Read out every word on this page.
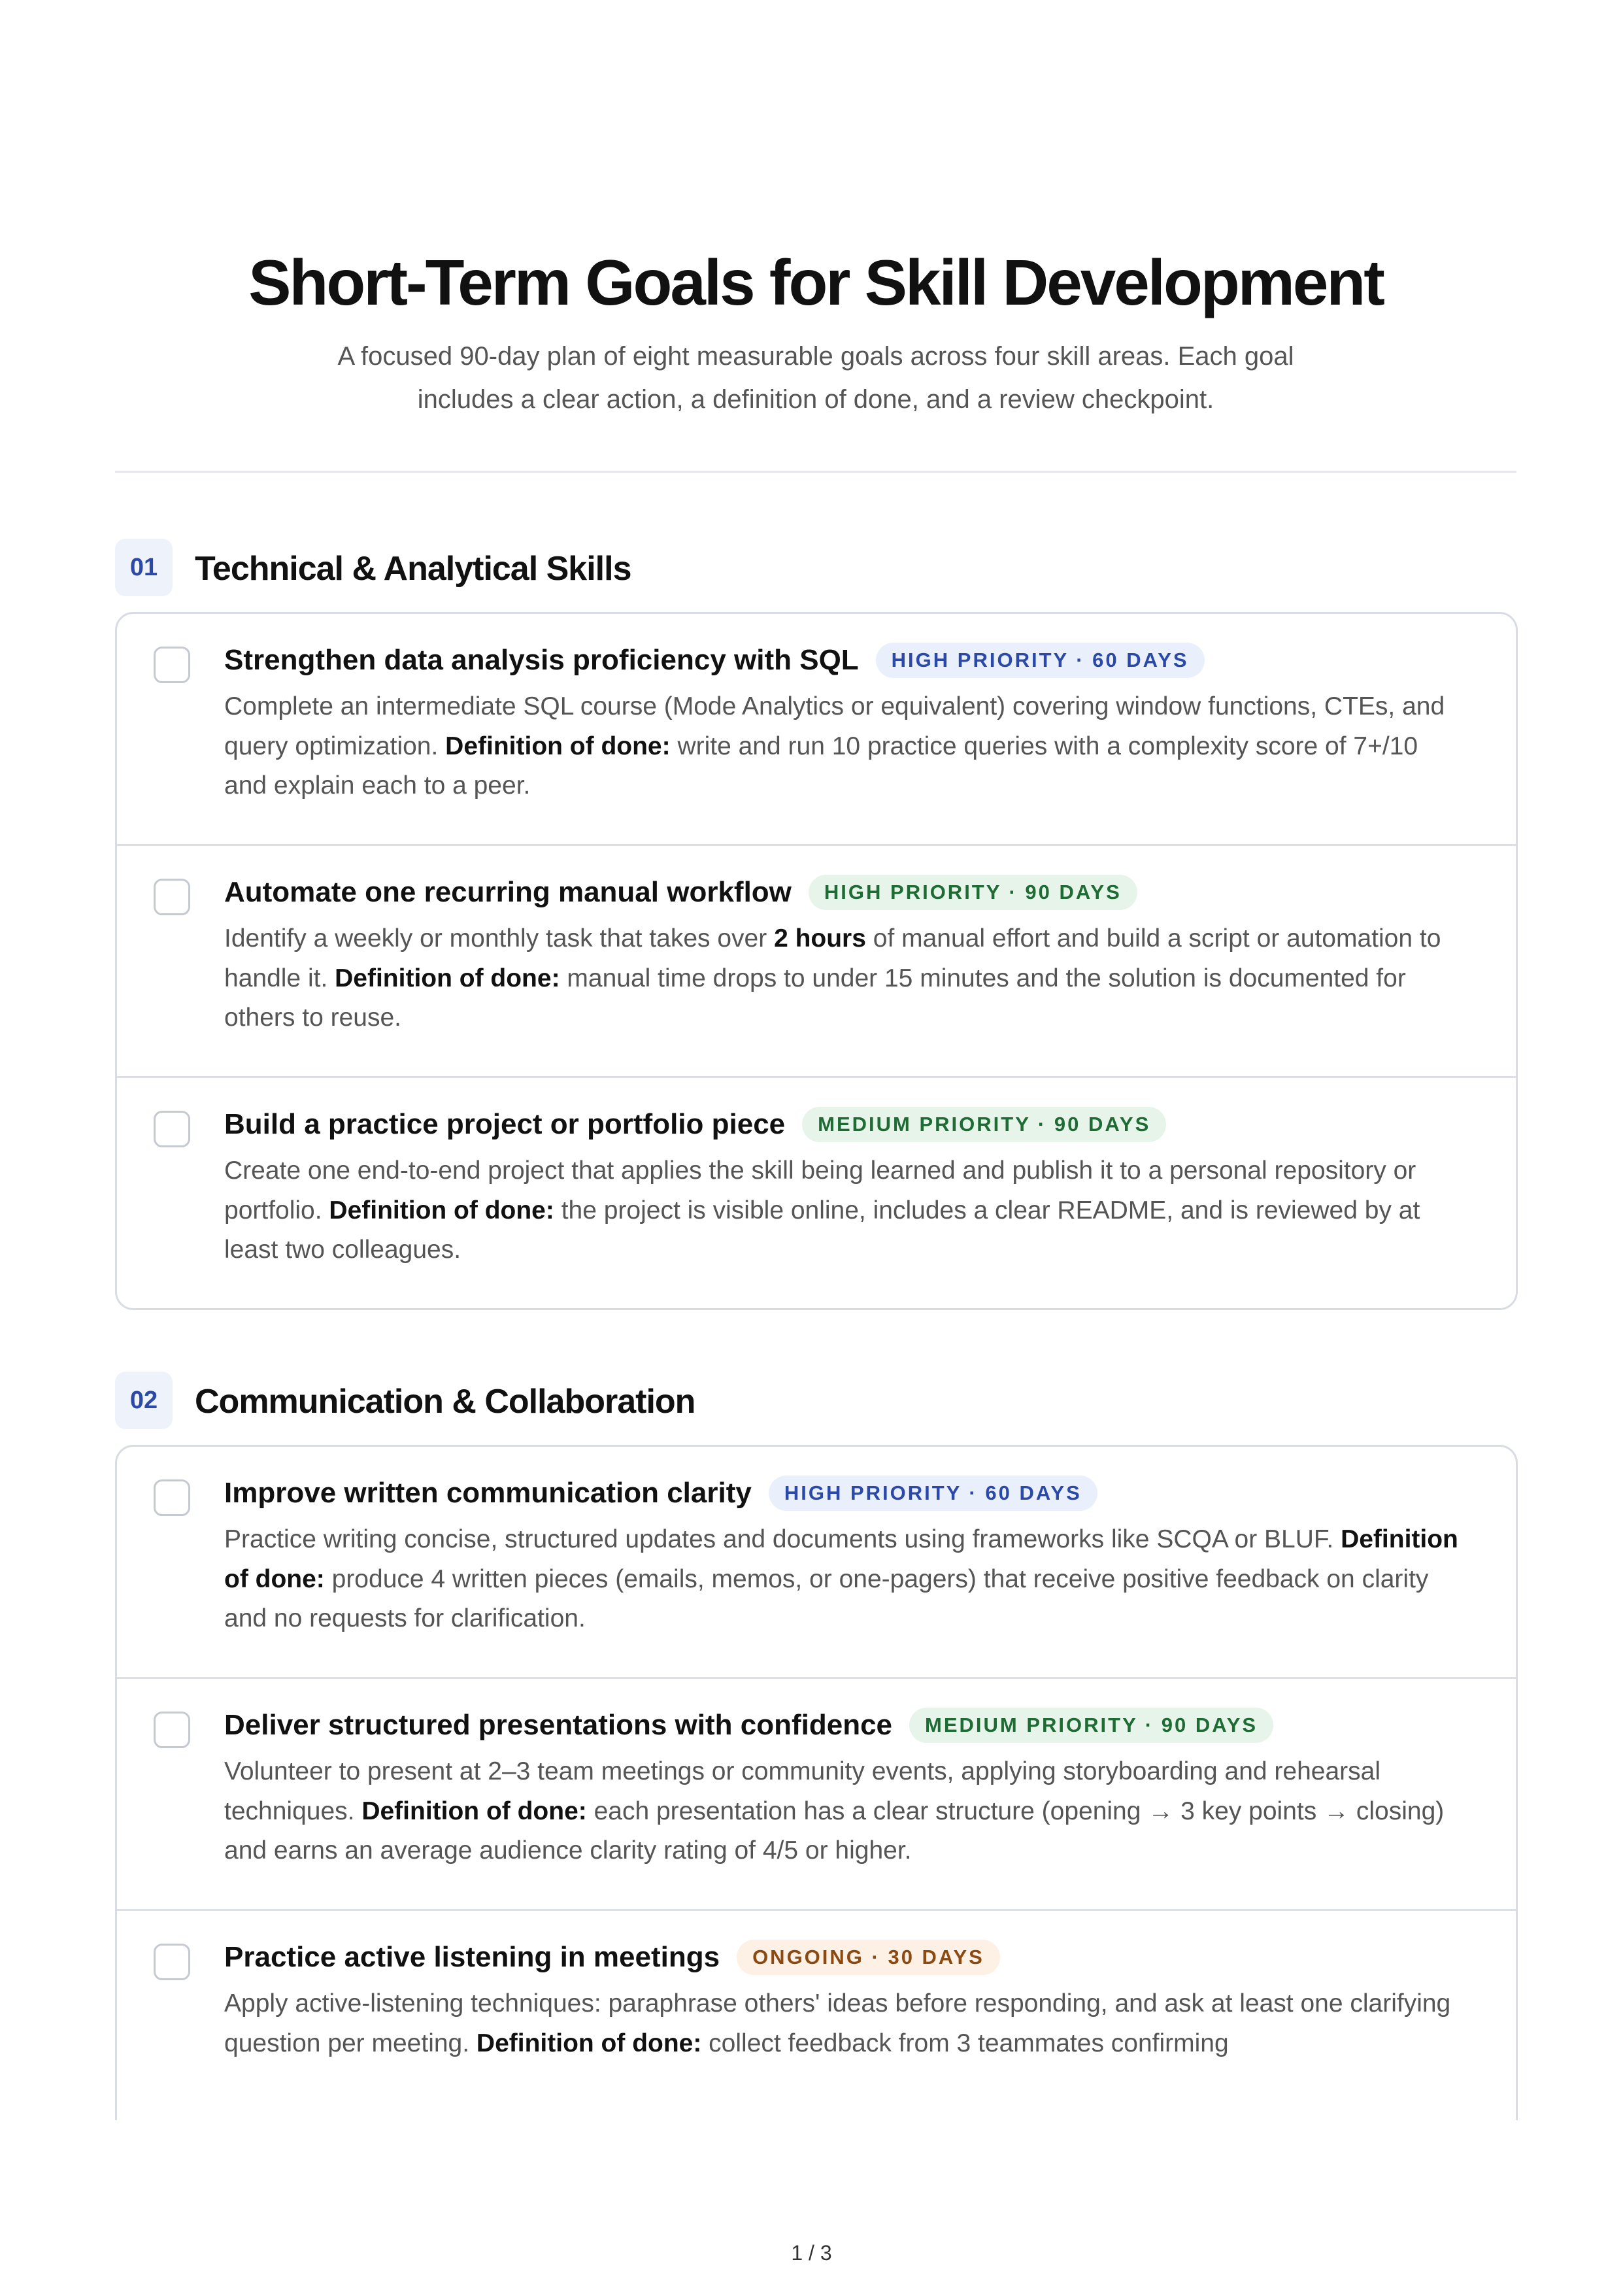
Short-Term Goals for Skill Development
A focused 90-day plan of eight measurable goals across four skill areas. Each goal includes a clear action, a definition of done, and a review checkpoint.
01	Technical & Analytical Skills
Strengthen data analysis proficiency with SQL	HIGH PRIORITY · 60 DAYS
Complete an intermediate SQL course (Mode Analytics or equivalent) covering window functions, CTEs, and query optimization. Definition of done: write and run 10 practice queries with a complexity score of 7+/10 and explain each to a peer.
Automate one recurring manual workflow	HIGH PRIORITY · 90 DAYS
Identify a weekly or monthly task that takes over 2 hours of manual effort and build a script or automation to handle it. Definition of done: manual time drops to under 15 minutes and the solution is documented for others to reuse.
Build a practice project or portfolio piece	MEDIUM PRIORITY · 90 DAYS
Create one end-to-end project that applies the skill being learned and publish it to a personal repository or portfolio. Definition of done: the project is visible online, includes a clear README, and is reviewed by at least two colleagues.
02	Communication & Collaboration
Improve written communication clarity	HIGH PRIORITY · 60 DAYS
Practice writing concise, structured updates and documents using frameworks like SCQA or BLUF. Definition of done: produce 4 written pieces (emails, memos, or one-pagers) that receive positive feedback on clarity and no requests for clarification.
Deliver structured presentations with confidence	MEDIUM PRIORITY · 90 DAYS
Volunteer to present at 2–3 team meetings or community events, applying storyboarding and rehearsal techniques. Definition of done: each presentation has a clear structure (opening → 3 key points → closing) and earns an average audience clarity rating of 4/5 or higher.
Practice active listening in meetings	ONGOING · 30 DAYS
Apply active-listening techniques: paraphrase others' ideas before responding, and ask at least one clarifying question per meeting. Definition of done: collect feedback from 3 teammates confirming
1 / 3
